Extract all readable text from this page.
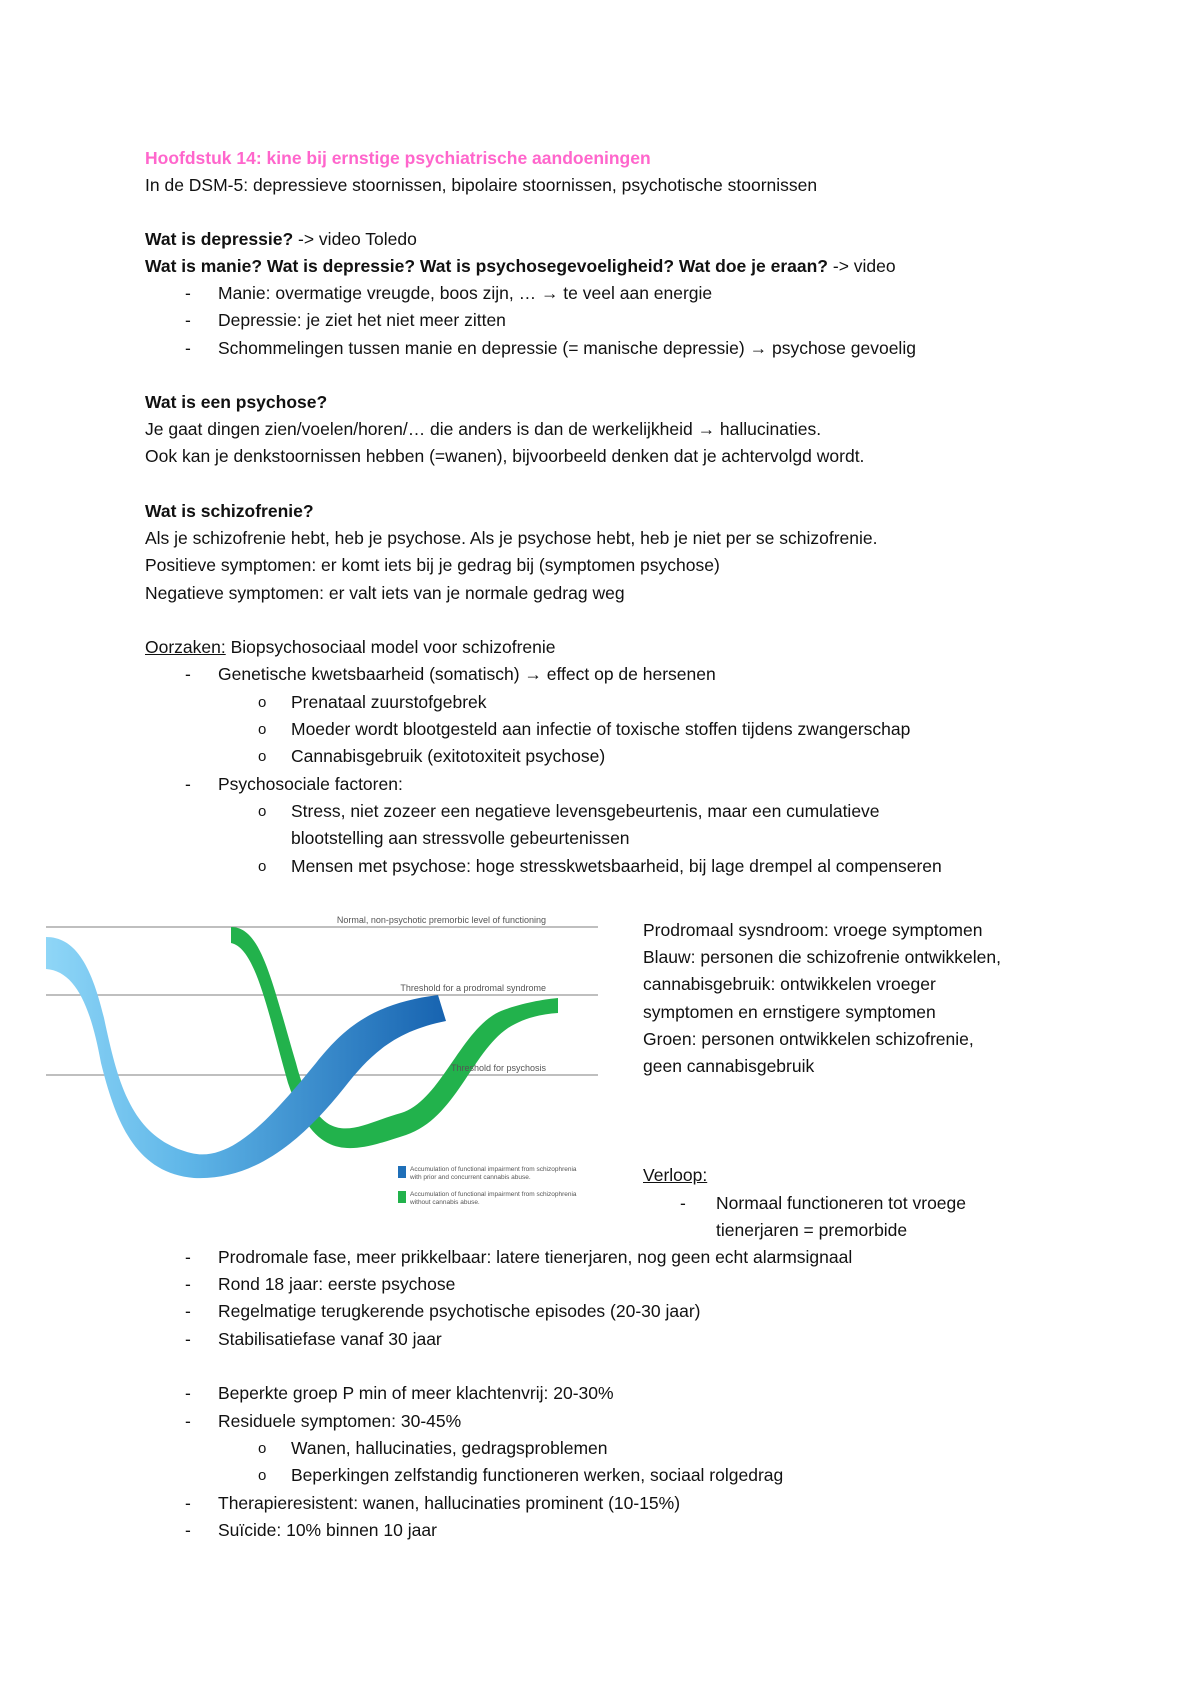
Hoofdstuk 14: kine bij ernstige psychiatrische aandoeningen
In de DSM-5: depressieve stoornissen, bipolaire stoornissen, psychotische stoornissen
Wat is depressie? -> video Toledo
Wat is manie? Wat is depressie? Wat is psychosegevoeligheid? Wat doe je eraan? -> video
- Manie: overmatige vreugde, boos zijn, … → te veel aan energie
- Depressie: je ziet het niet meer zitten
- Schommelingen tussen manie en depressie (= manische depressie) → psychose gevoelig
Wat is een psychose?
Je gaat dingen zien/voelen/horen/… die anders is dan de werkelijkheid → hallucinaties.
Ook kan je denkstoornissen hebben (=wanen), bijvoorbeeld denken dat je achtervolgd wordt.
Wat is schizofrenie?
Als je schizofrenie hebt, heb je psychose. Als je psychose hebt, heb je niet per se schizofrenie.
Positieve symptomen: er komt iets bij je gedrag bij (symptomen psychose)
Negatieve symptomen: er valt iets van je normale gedrag weg
Oorzaken: Biopsychosociaal model voor schizofrenie
- Genetische kwetsbaarheid (somatisch) → effect op de hersenen
o Prenataal zuurstofgebrek
o Moeder wordt blootgesteld aan infectie of toxische stoffen tijdens zwangerschap
o Cannabisgebruik (exitotoxiteit psychose)
- Psychosociale factoren:
o Stress, niet zozeer een negatieve levensgebeurtenis, maar een cumulatieve
blootstelling aan stressvolle gebeurtenissen
o Mensen met psychose: hoge stresskwetsbaarheid, bij lage drempel al compenseren
Normal, non-psychotic premorbic level of functioning
Threshold for a prodromal syndrome
Threshold for psychosis
Accumulation of functional impairment from schizophrenia
with prior and concurrent cannabis abuse.
Accumulation of functional impairment from schizophrenia
without cannabis abuse.
Prodromaal sysndroom: vroege symptomen
Blauw: personen die schizofrenie ontwikkelen,
cannabisgebruik: ontwikkelen vroeger
symptomen en ernstigere symptomen
Groen: personen ontwikkelen schizofrenie,
geen cannabisgebruik
Verloop:
- Normaal functioneren tot vroege
tienerjaren = premorbide
- Prodromale fase, meer prikkelbaar: latere tienerjaren, nog geen echt alarmsignaal
- Rond 18 jaar: eerste psychose
- Regelmatige terugkerende psychotische episodes (20-30 jaar)
- Stabilisatiefase vanaf 30 jaar
- Beperkte groep P min of meer klachtenvrij: 20-30%
- Residuele symptomen: 30-45%
o Wanen, hallucinaties, gedragsproblemen
o Beperkingen zelfstandig functioneren werken, sociaal rolgedrag
- Therapieresistent: wanen, hallucinaties prominent (10-15%)
- Suïcide: 10% binnen 10 jaar
